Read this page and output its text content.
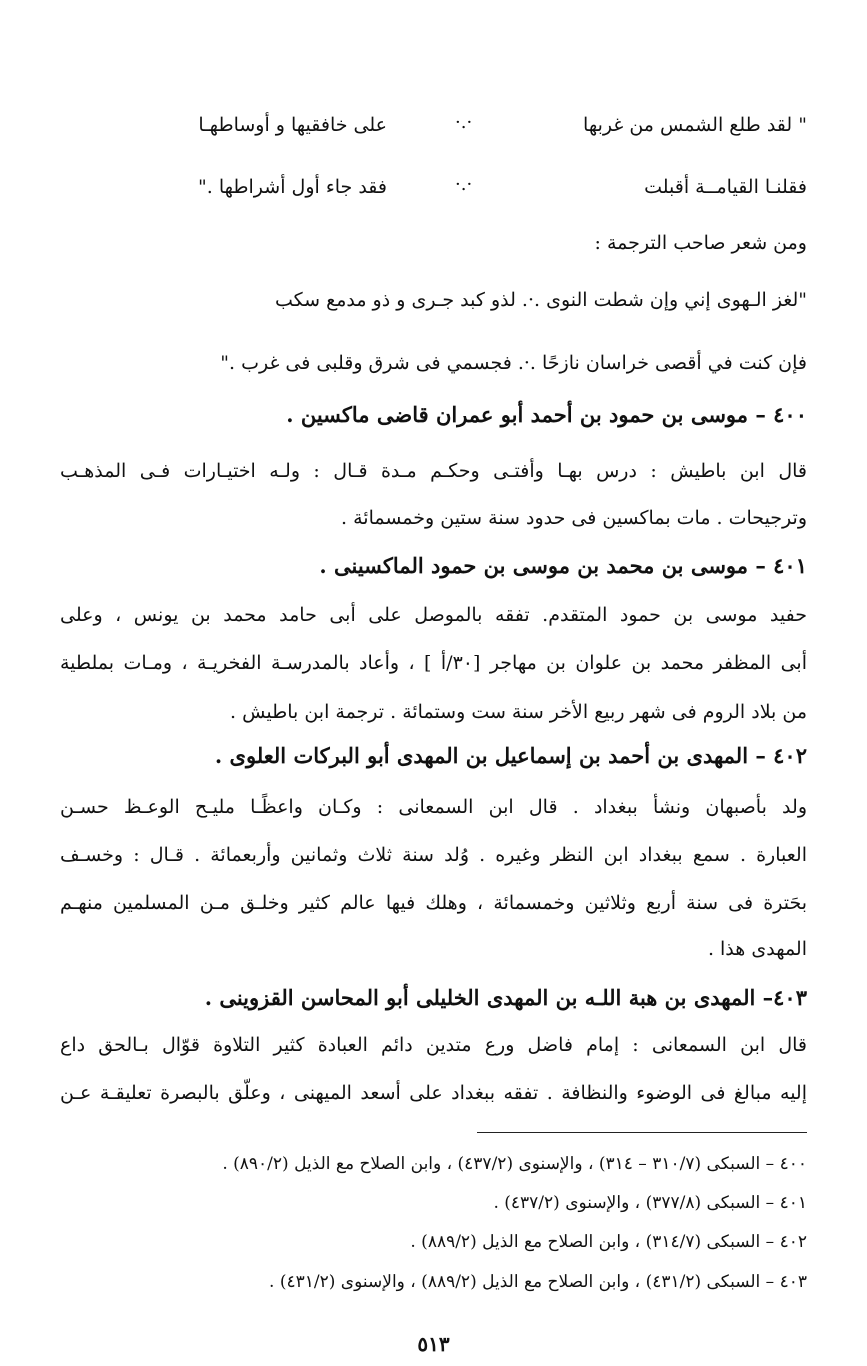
" لقد طلع الشمس من غربها
·.·
على خافقيها و أوساطهـا
فقلنـا القيامــة أقبلت
·.·
فقد جاء أول أشراطها ."
ومن شعر صاحب الترجمة :
"لغز الـهوى إني وإن شطت النوى .·. لذو كبد جـرى و ذو مدمع سكب
فإن كنت في أقصى خراسان نازحًا .·. فجسمي فى شرق وقلبى فى غرب ."
٤٠٠ – موسى بن حمود بن أحمد أبو عمران قاضى ماكسين .
قال ابن باطيش : درس بهـا وأفتـى وحكـم مـدة قـال : ولـه اختيـارات فـى المذهـب
وترجيحات . مات بماكسين فى حدود سنة ستين وخمسمائة .
٤٠١ – موسى بن محمد بن موسى بن حمود الماكسينى .
حفيد موسى بن حمود المتقدم. تفقه بالموصل على أبى حامد محمد بن يونس ، وعلى
أبى المظفر محمد بن علوان بن مهاجر [٣٠/أ ] ، وأعاد بالمدرسـة الفخريـة ، ومـات بملطية
من بلاد الروم فى شهر ربيع الأخر سنة ست وستمائة . ترجمة ابن باطيش .
٤٠٢ – المهدى بن أحمد بن إسماعيل بن المهدى أبو البركات العلوى .
ولد بأصبهان ونشأ ببغداد . قال ابن السمعانى : وكـان واعظًـا مليـح الوعـظ حسـن
العبارة . سمع ببغداد ابن النظر وغيره . وُلد سنة ثلاث وثمانين وأربعمائة . قـال : وخسـف
بحَترة فى سنة أربع وثلاثين وخمسمائة ، وهلك فيها عالم كثير وخلـق مـن المسلمين منهـم
المهدى هذا .
٤٠٣– المهدى بن هبة اللـه بن المهدى الخليلى أبو المحاسن القزوينى .
قال ابن السمعانى : إمام فاضل ورع متدين دائم العبادة كثير التلاوة قوّال بـالحق داع
إليه مبالغ فى الوضوء والنظافة . تفقه ببغداد على أسعد الميهنى ، وعلّق بالبصرة تعليقـة عـن
٤٠٠ – السبكى (٣١٠/٧ – ٣١٤) ، والإسنوى (٤٣٧/٢) ، وابن الصلاح مع الذيل (٨٩٠/٢) .
٤٠١ – السبكى (٣٧٧/٨) ، والإسنوى (٤٣٧/٢) .
٤٠٢ – السبكى (٣١٤/٧) ، وابن الصلاح مع الذيل (٨٨٩/٢) .
٤٠٣ – السبكى (٤٣١/٢) ، وابن الصلاح مع الذيل (٨٨٩/٢) ، والإسنوى (٤٣١/٢) .
٥١٣
